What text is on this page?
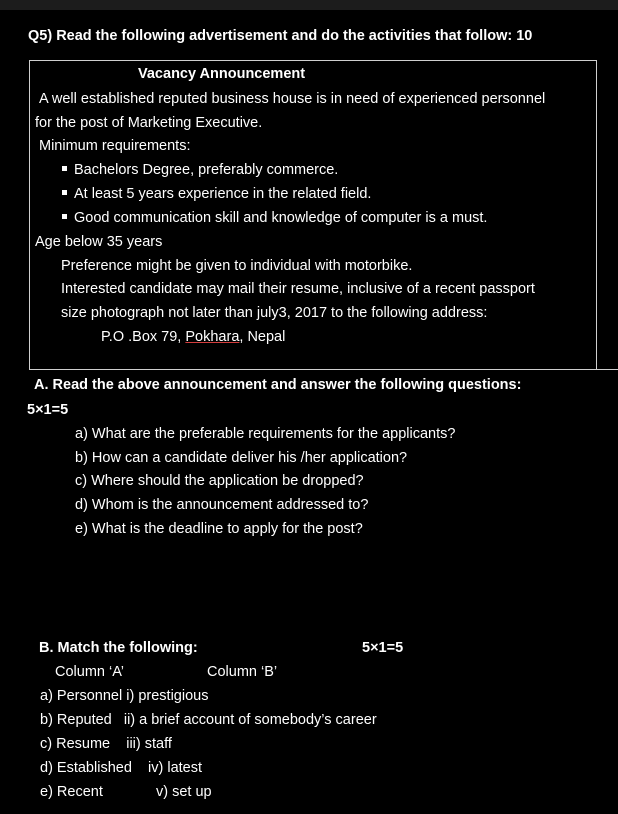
Q5) Read the following advertisement and do the activities that follow: 10
Vacancy Announcement
A well established reputed business house is in need of experienced personnel
for the post of Marketing Executive.
Minimum requirements:
Bachelors Degree, preferably commerce.
At least 5 years experience in the related field.
Good communication skill and knowledge of computer is a must.
Age below 35 years
Preference might be given to individual with motorbike.
Interested candidate may mail their resume, inclusive of a recent passport
size photograph not later than july3, 2017 to the following address:
P.O .Box 79, Pokhara, Nepal
A. Read the above announcement and answer the following questions:
5×1=5
a) What are the preferable requirements for the applicants?
b) How can a candidate deliver his /her application?
c) Where should the application be dropped?
d) Whom is the announcement addressed to?
e) What is the deadline to apply for the post?
B. Match the following:	5×1=5
Column ‘A’	Column ‘B’
a) Personnel i) prestigious
b) Reputed ii) a brief account of somebody’s career
c) Resume iii) staff
d) Established iv) latest
e) Recent	v) set up
